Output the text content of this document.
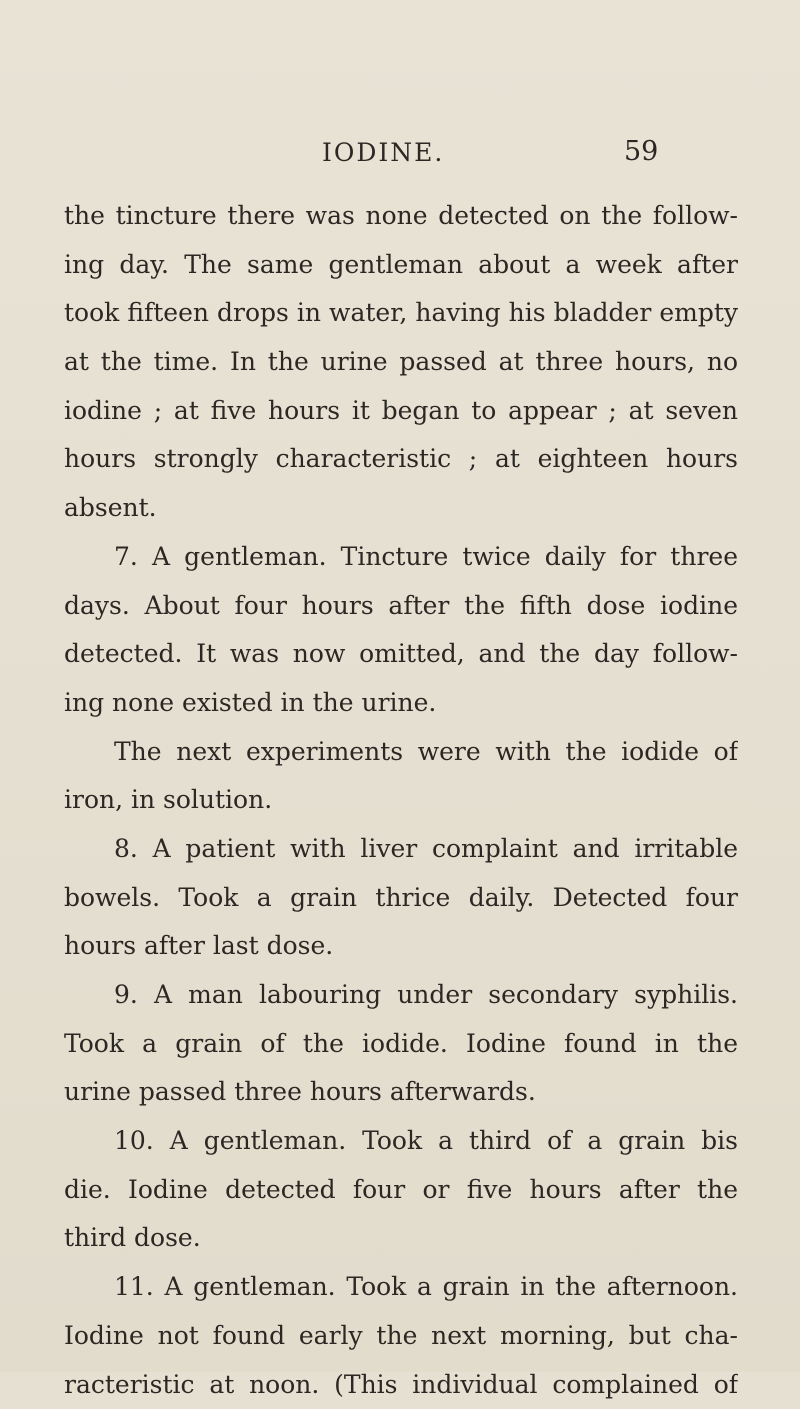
IODINE.	59
the tincture there was none detected on the follow-
ing day. The same gentleman about a week after
took fifteen drops in water, having his bladder empty
at the time. In the urine passed at three hours, no
iodine ; at five hours it began to appear ; at seven
hours strongly characteristic ; at eighteen hours
absent.
7. A gentleman. Tincture twice daily for three
days. About four hours after the fifth dose iodine
detected. It was now omitted, and the day follow-
ing none existed in the urine.
The next experiments were with the iodide of
iron, in solution.
8. A patient with liver complaint and irritable
bowels. Took a grain thrice daily. Detected four
hours after last dose.
9. A man labouring under secondary syphilis.
Took a grain of the iodide. Iodine found in the
urine passed three hours afterwards.
10. A gentleman. Took a third of a grain bis
die. Iodine detected four or five hours after the
third dose.
11. A gentleman. Took a grain in the afternoon.
Iodine not found early the next morning, but cha-
racteristic at noon. (This individual complained of
